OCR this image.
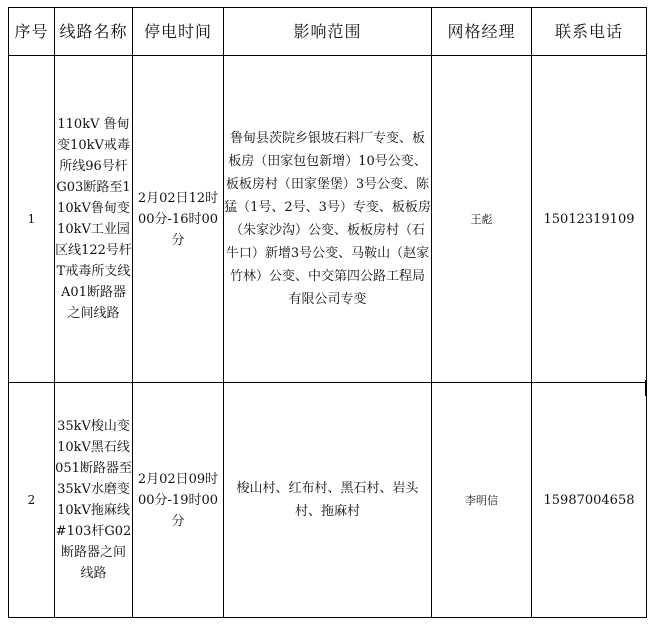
序号	线路名称	停电时间	影响范围	网格经理	联系电话
1	110kV 鲁甸变10kV戒毒所线96号杆G03断路至110kV鲁甸变10kV工业园区线122号杆T戒毒所支线A01断路器之间线路	2月02日12时00分-16时00分	鲁甸县茨院乡银坡石料厂专变、板板房（田家包包新增）10号公变、板板房村（田家堡堡）3号公变、陈猛（1号、2号、3号）专变、板板房（朱家沙沟）公变、板板房村（石牛口）新增3号公变、马鞍山（赵家竹林）公变、中交第四公路工程局有限公司专变	王彪	15012319109
2	35kV梭山变10kV黑石线051断路器至35kV水磨变10kV拖麻线#103杆G02断路器之间线路	2月02日09时00分-19时00分	梭山村、红布村、黑石村、岩头村、拖麻村	李明信	15987004658
